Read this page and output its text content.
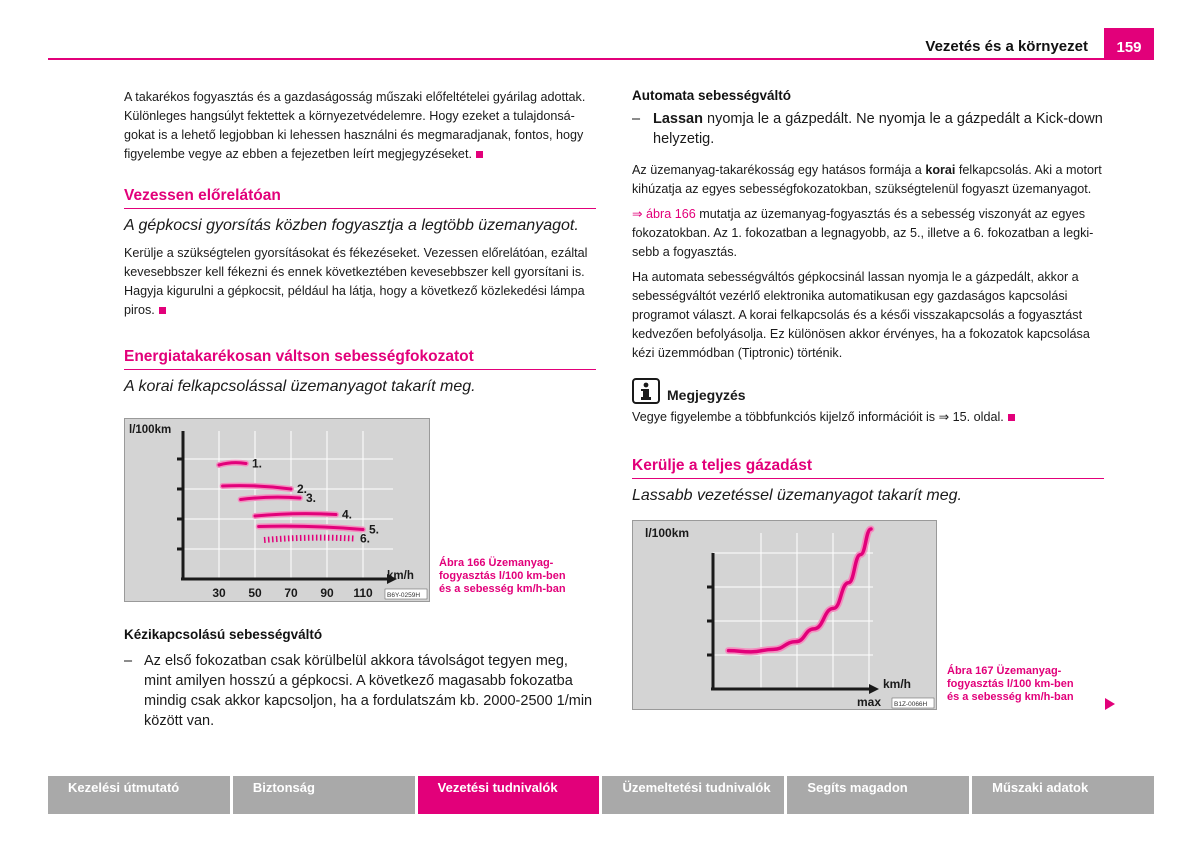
Vezetés és a környezet	159

A takarékos fogyasztás és a gazdaságosság műszaki előfeltételei gyárilag adottak. Különleges hangsúlyt fektettek a környezetvédelemre. Hogy ezeket a tulajdonsá-gokat is a lehető legjobban ki lehessen használni és megmaradjanak, fontos, hogy figyelembe vegye az ebben a fejezetben leírt megjegyzéseket.

Vezessen előrelátóan

A gépkocsi gyorsítás közben fogyasztja a legtöbb üzemanyagot.

Kerülje a szükségtelen gyorsításokat és fékezéseket. Vezessen előrelátóan, ezáltal kevesebbszer kell fékezni és ennek következtében kevesebbszer kell gyorsítani is. Hagyja kigurulni a gépkocsit, például ha látja, hogy a következő közlekedési lámpa piros.

Energiatakarékosan váltson sebességfokozatot

A korai felkapcsolással üzemanyagot takarít meg.

l/100km
km/h
30 50 70 90 110
1.
2.
3.
4.
5.
6.
B6Y-0259H
Ábra 166 Üzemanyag-fogyasztás l/100 km-ben és a sebesség km/h-ban
Kézikapcsolású sebességváltó
– Az első fokozatban csak körülbelül akkora távolságot tegyen meg, mint amilyen hosszú a gépkocsi. A következő magasabb fokozatba mindig csak akkor kapcsoljon, ha a fordulatszám kb. 2000-2500 1/min között van.

Automata sebességváltó
– Lassan nyomja le a gázpedált. Ne nyomja le a gázpedált a Kick-down helyzetig.

Az üzemanyag-takarékosság egy hatásos formája a korai felkapcsolás. Aki a motort kihúzatja az egyes sebességfokozatokban, szükségtelenül fogyaszt üzemanyagot.

⇒ ábra 166 mutatja az üzemanyag-fogyasztás és a sebesség viszonyát az egyes fokozatokban. Az 1. fokozatban a legnagyobb, az 5., illetve a 6. fokozatban a legki-sebb a fogyasztás.

Ha automata sebességváltós gépkocsinál lassan nyomja le a gázpedált, akkor a sebességváltót vezérlő elektronika automatikusan egy gazdaságos kapcsolási programot választ. A korai felkapcsolás és a késői visszakapcsolás a fogyasztást kedvezően befolyásolja. Ez különösen akkor érvényes, ha a fokozatok kapcsolása kézi üzemmódban (Tiptronic) történik.

Megjegyzés

Vegye figyelembe a többfunkciós kijelző információit is ⇒ 15. oldal.

Kerülje a teljes gázadást

Lassabb vezetéssel üzemanyagot takarít meg.

l/100km
km/h
max B1Z-0066H
Ábra 167 Üzemanyag-fogyasztás l/100 km-ben és a sebesség km/h-ban
Kezelési útmutató	Biztonság	Vezetési tudnivalók	Üzemeltetési tudnivalók	Segíts magadon	Műszaki adatok
